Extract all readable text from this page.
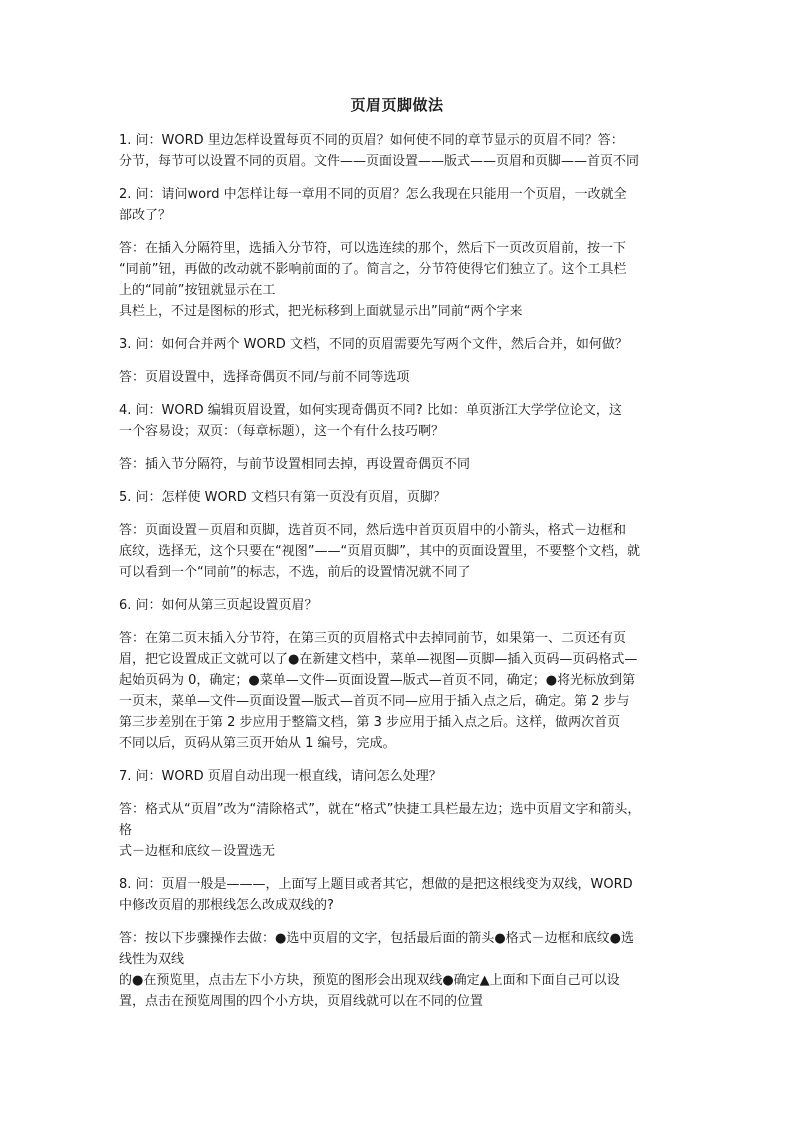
页眉页脚做法

1. 问：WORD 里边怎样设置每页不同的页眉？如何使不同的章节显示的页眉不同？答：
分节，每节可以设置不同的页眉。文件——页面设置——版式——页眉和页脚——首页不同

2. 问：请问word 中怎样让每一章用不同的页眉？怎么我现在只能用一个页眉，一改就全
部改了？

答：在插入分隔符里，选插入分节符，可以选连续的那个，然后下一页改页眉前，按一下
“同前”钮，再做的改动就不影响前面的了。简言之，分节符使得它们独立了。这个工具栏
上的“同前”按钮就显示在工

具栏上，不过是图标的形式，把光标移到上面就显示出”同前“两个字来

3. 问：如何合并两个 WORD 文档，不同的页眉需要先写两个文件，然后合并，如何做？

答：页眉设置中，选择奇偶页不同/与前不同等选项

4. 问：WORD 编辑页眉设置，如何实现奇偶页不同? 比如：单页浙江大学学位论文，这
一个容易设；双页：（每章标题），这一个有什么技巧啊？

答：插入节分隔符，与前节设置相同去掉，再设置奇偶页不同

5. 问：怎样使 WORD 文档只有第一页没有页眉，页脚？

答：页面设置－页眉和页脚，选首页不同，然后选中首页页眉中的小箭头，格式－边框和
底纹，选择无，这个只要在“视图”——“页眉页脚”，其中的页面设置里，不要整个文档，就
可以看到一个“同前”的标志，不选，前后的设置情况就不同了

6. 问：如何从第三页起设置页眉？

答：在第二页末插入分节符，在第三页的页眉格式中去掉同前节，如果第一、二页还有页
眉，把它设置成正文就可以了●在新建文档中，菜单—视图—页脚—插入页码—页码格式—
起始页码为 0，确定；●菜单—文件—页面设置—版式—首页不同，确定；●将光标放到第
一页末，菜单—文件—页面设置—版式—首页不同—应用于插入点之后，确定。第 2 步与
第三步差别在于第 2 步应用于整篇文档，第 3 步应用于插入点之后。这样，做两次首页
不同以后，页码从第三页开始从 1 编号，完成。

7. 问：WORD 页眉自动出现一根直线，请问怎么处理？

答：格式从“页眉”改为“清除格式”，就在“格式”快捷工具栏最左边；选中页眉文字和箭头，
格

式－边框和底纹－设置选无

8. 问：页眉一般是———，上面写上题目或者其它，想做的是把这根线变为双线，WORD
中修改页眉的那根线怎么改成双线的?

答：按以下步骤操作去做：●选中页眉的文字，包括最后面的箭头●格式－边框和底纹●选
线性为双线

的●在预览里，点击左下小方块，预览的图形会出现双线●确定▲上面和下面自己可以设
置，点击在预览周围的四个小方块，页眉线就可以在不同的位置
